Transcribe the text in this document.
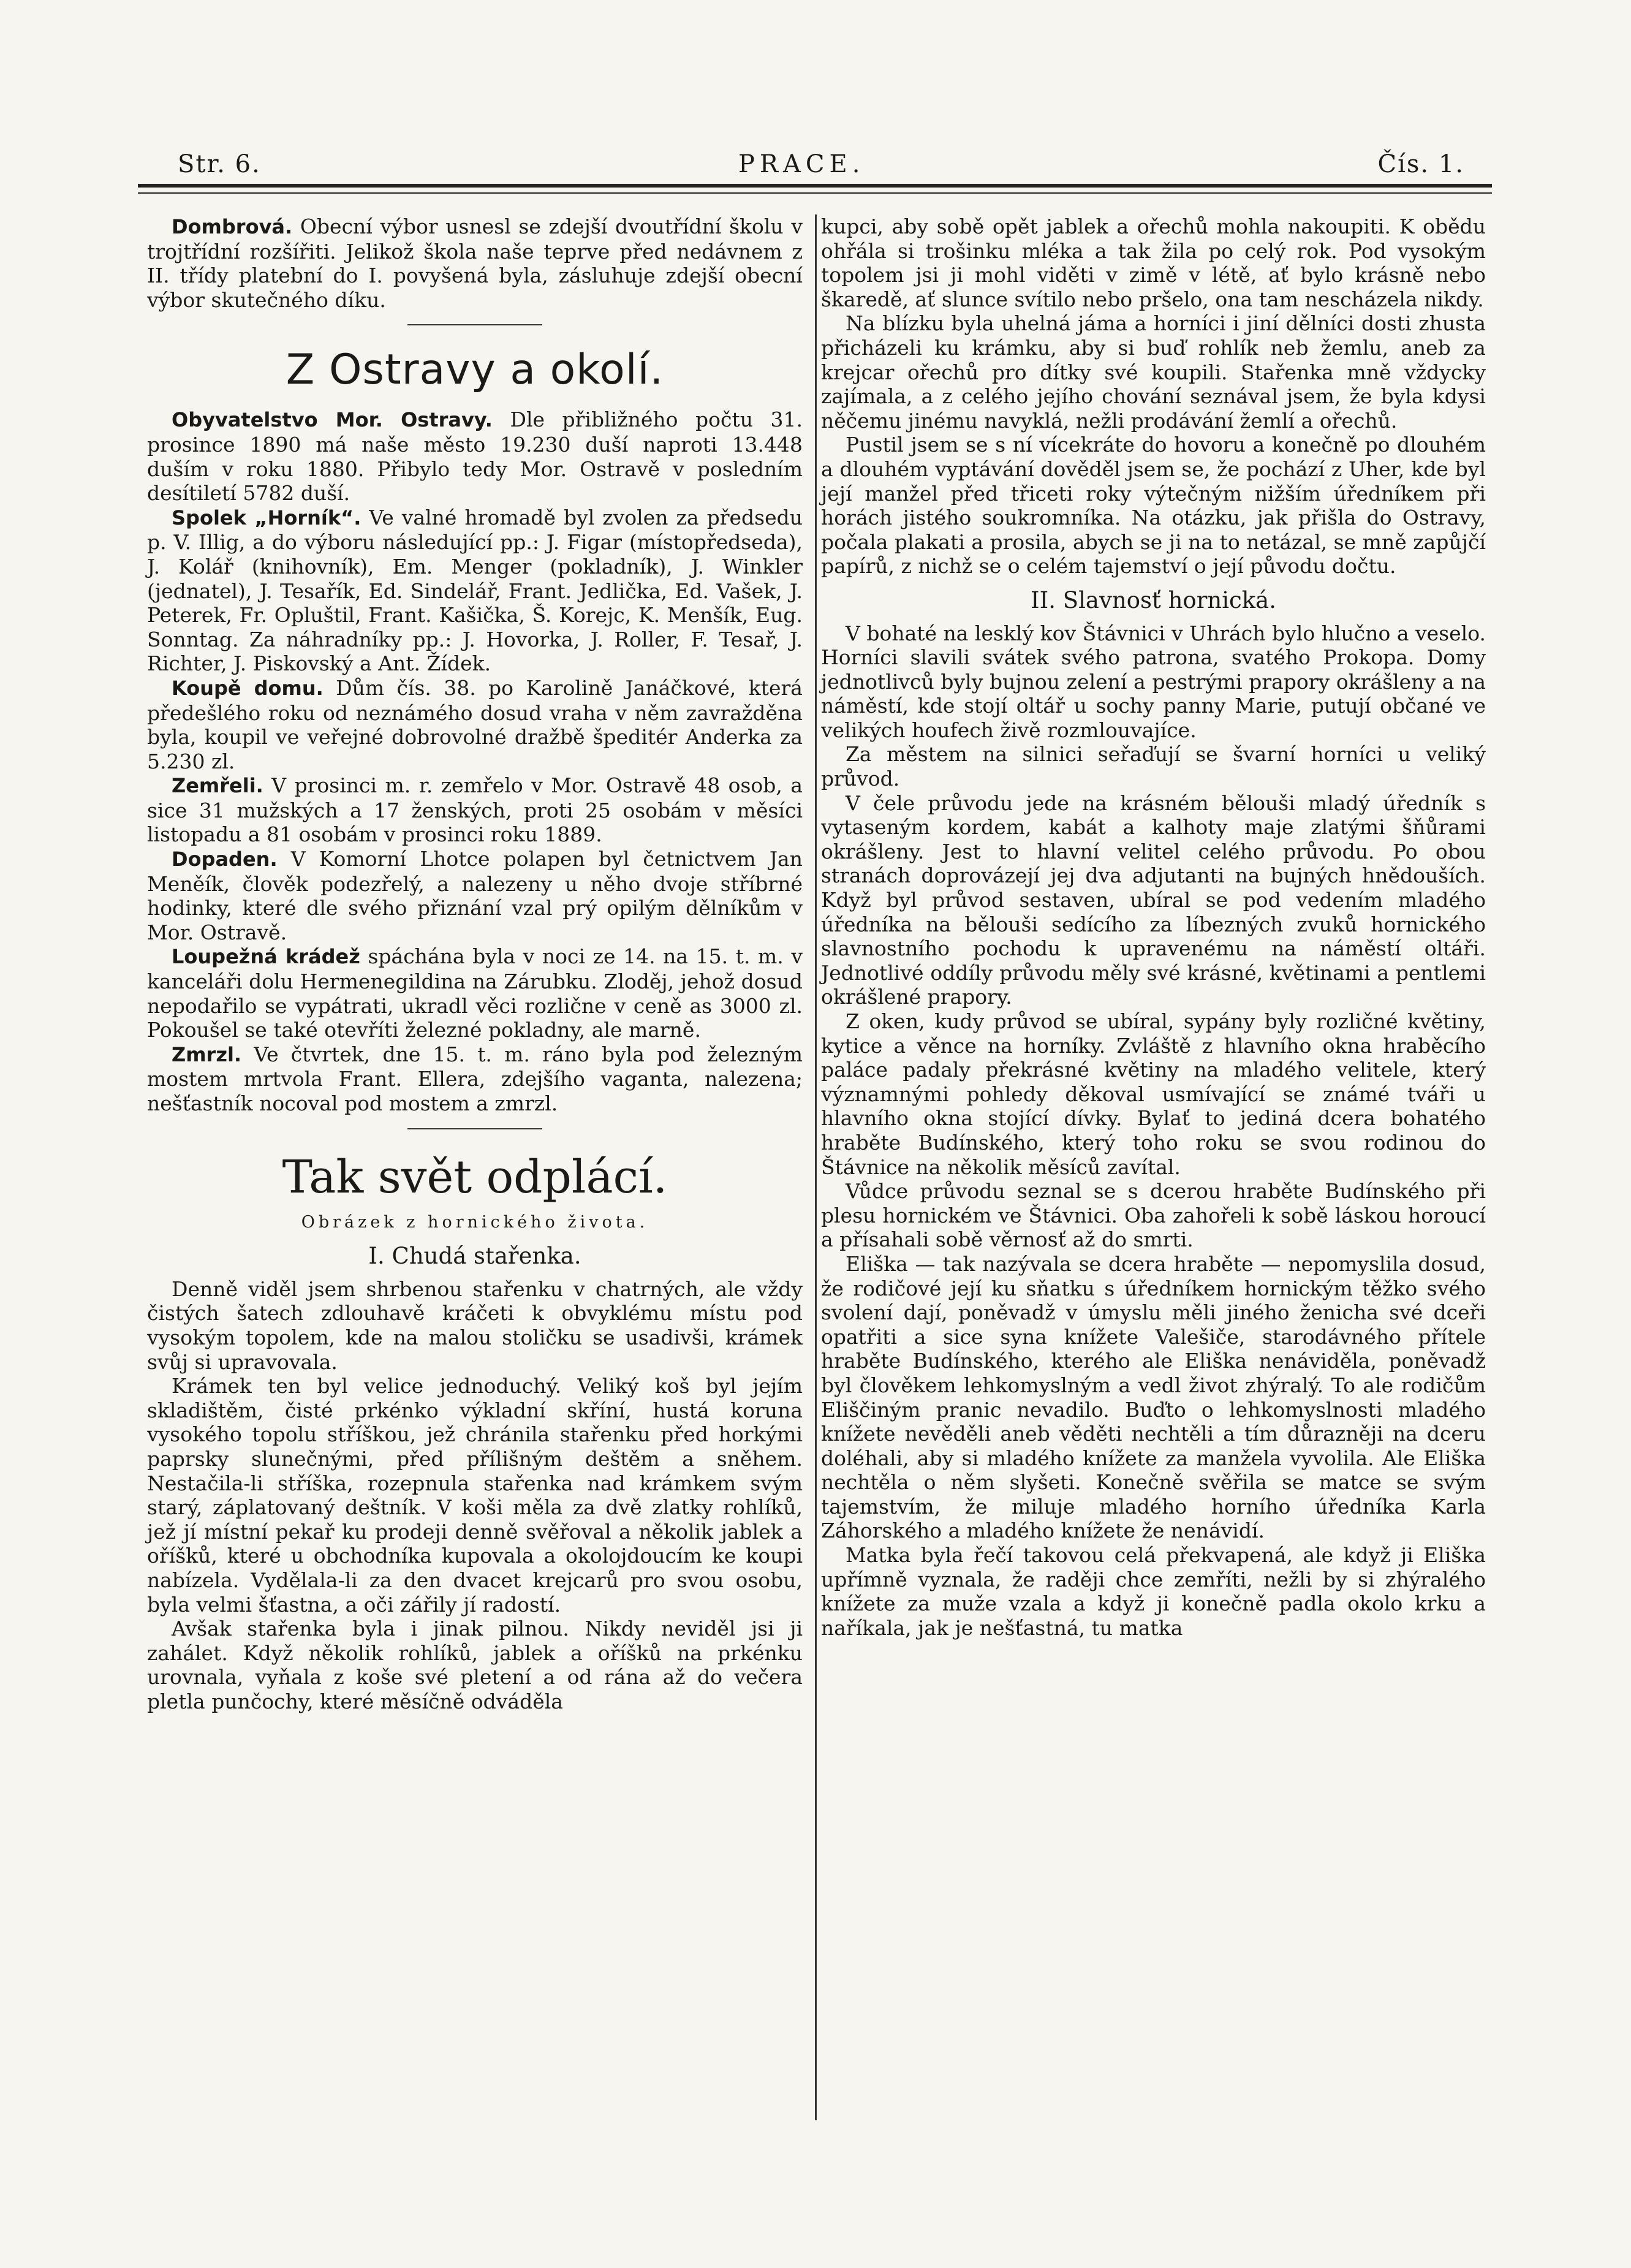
Str. 6.	PRACE.	Čís. 1.

Dombrová. Obecní výbor usnesl se zdejší dvoutřídní školu v trojtřídní rozšířiti. Jelikož škola naše teprve před nedávnem z II. třídy platební do I. povyšená byla, zásluhuje zdejší obecní výbor skutečného díku.

Z Ostravy a okolí.

Obyvatelstvo Mor. Ostravy. Dle přibližného počtu 31. prosince 1890 má naše město 19.230 duší naproti 13.448 duším v roku 1880. Přibylo tedy Mor. Ostravě v posledním desítiletí 5782 duší.

Spolek „Horník“. Ve valné hromadě byl zvolen za předsedu p. V. Illig, a do výboru následující pp.: J. Figar (místopředseda), J. Kolář (knihovník), Em. Menger (pokladník), J. Winkler (jednatel), J. Tesařík, Ed. Sindelář, Frant. Jedlička, Ed. Vašek, J. Peterek, Fr. Opluštil, Frant. Kašička, Š. Korejc, K. Menšík, Eug. Sonntag. Za náhradníky pp.: J. Hovorka, J. Roller, F. Tesař, J. Richter, J. Piskovský a Ant. Žídek.

Koupě domu. Dům čís. 38. po Karolině Janáčkové, která předešlého roku od neznámého dosud vraha v něm zavražděna byla, koupil ve veřejné dobrovolné dražbě špeditér Anderka za 5.230 zl.

Zemřeli. V prosinci m. r. zemřelo v Mor. Ostravě 48 osob, a sice 31 mužských a 17 ženských, proti 25 osobám v měsíci listopadu a 81 osobám v prosinci roku 1889.

Dopaden. V Komorní Lhotce polapen byl četnictvem Jan Meněík, člověk podezřelý, a nalezeny u něho dvoje stříbrné hodinky, které dle svého přiznání vzal prý opilým dělníkům v Mor. Ostravě.

Loupežná krádež spáchána byla v noci ze 14. na 15. t. m. v kanceláři dolu Hermenegildina na Zárubku. Zloděj, jehož dosud nepodařilo se vypátrati, ukradl věci rozlične v ceně as 3000 zl. Pokoušel se také otevříti železné pokladny, ale marně.

Zmrzl. Ve čtvrtek, dne 15. t. m. ráno byla pod železným mostem mrtvola Frant. Ellera, zdejšího vaganta, nalezena; nešťastník nocoval pod mostem a zmrzl.

Tak svět odplácí.
Obrázek z hornického života.
I. Chudá stařenka.

Denně viděl jsem shrbenou stařenku v chatrných, ale vždy čistých šatech zdlouhavě kráčeti k obvyklému místu pod vysokým topolem, kde na malou stoličku se usadivši, krámek svůj si upravovala.

Krámek ten byl velice jednoduchý. Veliký koš byl jejím skladištěm, čisté prkénko výkladní skříní, hustá koruna vysokého topolu stříškou, jež chránila stařenku před horkými paprsky slunečnými, před přílišným deštěm a sněhem. Nestačila-li stříška, rozepnula stařenka nad krámkem svým starý, záplatovaný deštník. V koši měla za dvě zlatky rohlíků, jež jí místní pekař ku prodeji denně svěřoval a několik jablek a oříšků, které u obchodníka kupovala a okolojdoucím ke koupi nabízela. Vydělala-li za den dvacet krejcarů pro svou osobu, byla velmi šťastna, a oči zářily jí radostí.

Avšak stařenka byla i jinak pilnou. Nikdy neviděl jsi ji zahálet. Když několik rohlíků, jablek a oříšků na prkénku urovnala, vyňala z koše své pletení a od rána až do večera pletla punčochy, které měsíčně odváděla

kupci, aby sobě opět jablek a ořechů mohla nakoupiti. K obědu ohřála si trošinku mléka a tak žila po celý rok. Pod vysokým topolem jsi ji mohl viděti v zimě v létě, ať bylo krásně nebo škaredě, ať slunce svítilo nebo pršelo, ona tam nescházela nikdy.

Na blízku byla uhelná jáma a horníci i jiní dělníci dosti zhusta přicházeli ku krámku, aby si buď rohlík neb žemlu, aneb za krejcar ořechů pro dítky své koupili. Stařenka mně vždycky zajímala, a z celého jejího chování seznával jsem, že byla kdysi něčemu jinému navyklá, nežli prodávání žemlí a ořechů.

Pustil jsem se s ní vícekráte do hovoru a konečně po dlouhém a dlouhém vyptávání dověděl jsem se, že pochází z Uher, kde byl její manžel před třiceti roky výtečným nižším úředníkem při horách jistého soukromníka. Na otázku, jak přišla do Ostravy, počala plakati a prosila, abych se ji na to netázal, se mně zapůjčí papírů, z nichž se o celém tajemství o její původu dočtu.

II. Slavnosť hornická.

V bohaté na lesklý kov Štávnici v Uhrách bylo hlučno a veselo. Horníci slavili svátek svého patrona, svatého Prokopa. Domy jednotlivců byly bujnou zelení a pestrými prapory okrášleny a na náměstí, kde stojí oltář u sochy panny Marie, putují občané ve velikých houfech živě rozmlouvajíce.

Za městem na silnici seřaďují se švarní horníci u veliký průvod.

V čele průvodu jede na krásném bělouši mladý úředník s vytaseným kordem, kabát a kalhoty maje zlatými šňůrami okrášleny. Jest to hlavní velitel celého průvodu. Po obou stranách doprovázejí jej dva adjutanti na bujných hnědouších. Když byl průvod sestaven, ubíral se pod vedením mladého úředníka na bělouši sedícího za líbezných zvuků hornického slavnostního pochodu k upravenému na náměstí oltáři. Jednotlivé oddíly průvodu měly své krásné, květinami a pentlemi okrášlené prapory.

Z oken, kudy průvod se ubíral, sypány byly rozličné květiny, kytice a věnce na horníky. Zvláště z hlavního okna hraběcího paláce padaly překrásné květiny na mladého velitele, který významnými pohledy děkoval usmívající se známé tváři u hlavního okna stojící dívky. Bylať to jediná dcera bohatého hraběte Budínského, který toho roku se svou rodinou do Štávnice na několik měsíců zavítal.

Vůdce průvodu seznal se s dcerou hraběte Budínského při plesu hornickém ve Štávnici. Oba zahořeli k sobě láskou horoucí a přísahali sobě věrnosť až do smrti.

Eliška — tak nazývala se dcera hraběte — nepomyslila dosud, že rodičové její ku sňatku s úředníkem hornickým těžko svého svolení dají, poněvadž v úmyslu měli jiného ženicha své dceři opatřiti a sice syna knížete Valešiče, starodávného přítele hraběte Budínského, kterého ale Eliška nenáviděla, poněvadž byl člověkem lehkomyslným a vedl život zhýralý. To ale rodičům Eliščiným pranic nevadilo. Buďto o lehkomyslnosti mladého knížete nevěděli aneb věděti nechtěli a tím důrazněji na dceru doléhali, aby si mladého knížete za manžela vyvolila. Ale Eliška nechtěla o něm slyšeti. Konečně svěřila se matce se svým tajemstvím, že miluje mladého horního úředníka Karla Záhorského a mladého knížete že nenávidí.

Matka byla řečí takovou celá překvapená, ale když ji Eliška upřímně vyznala, že raději chce zemříti, nežli by si zhýralého knížete za muže vzala a když ji konečně padla okolo krku a naříkala, jak je nešťastná, tu matka
